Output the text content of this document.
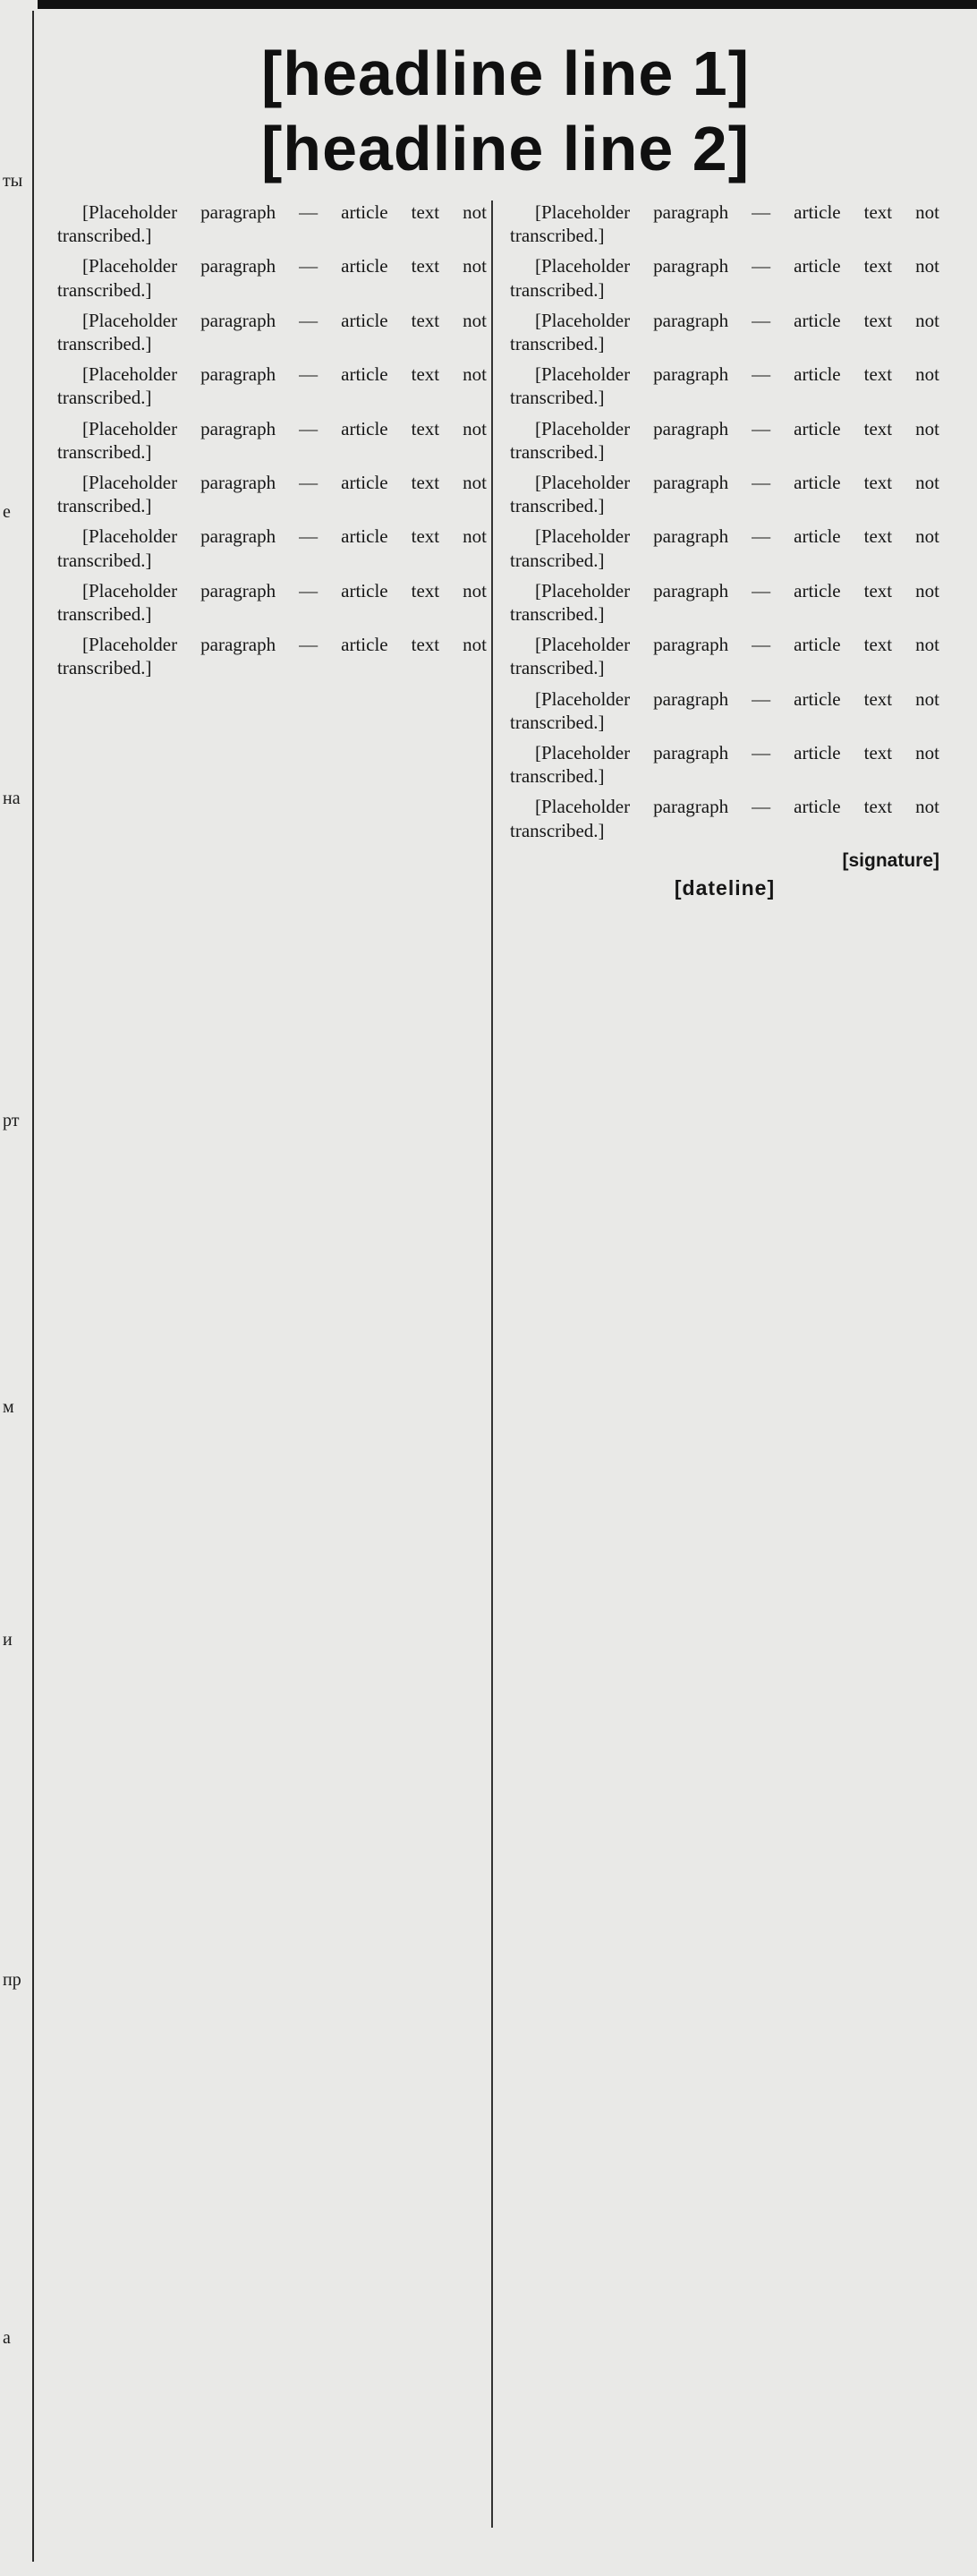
ты
е
на
рт
м
и
пр
а
[headline line 1]
[headline line 2]

[Placeholder paragraph — article text not transcribed.]

[Placeholder paragraph — article text not transcribed.]

[Placeholder paragraph — article text not transcribed.]

[Placeholder paragraph — article text not transcribed.]

[Placeholder paragraph — article text not transcribed.]

[Placeholder paragraph — article text not transcribed.]

[Placeholder paragraph — article text not transcribed.]

[Placeholder paragraph — article text not transcribed.]

[Placeholder paragraph — article text not transcribed.]

[Placeholder paragraph — article text not transcribed.]

[Placeholder paragraph — article text not transcribed.]

[Placeholder paragraph — article text not transcribed.]

[Placeholder paragraph — article text not transcribed.]

[Placeholder paragraph — article text not transcribed.]

[Placeholder paragraph — article text not transcribed.]

[Placeholder paragraph — article text not transcribed.]

[Placeholder paragraph — article text not transcribed.]

[Placeholder paragraph — article text not transcribed.]

[Placeholder paragraph — article text not transcribed.]

[Placeholder paragraph — article text not transcribed.]

[Placeholder paragraph — article text not transcribed.]

[signature]
[dateline]
